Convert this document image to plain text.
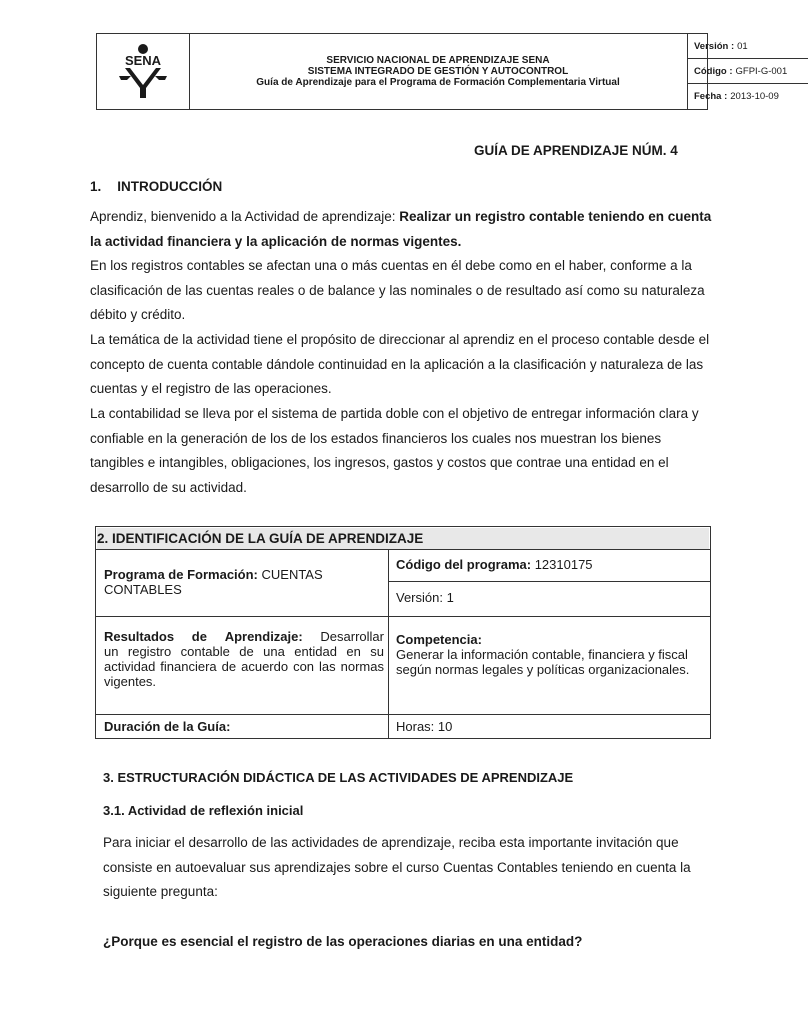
SENA	SERVICIO NACIONAL DE APRENDIZAJE SENA
SISTEMA INTEGRADO DE GESTIÓN Y AUTOCONTROL
Guía de Aprendizaje para el Programa de Formación Complementaria Virtual
Versión : 01
Código : GFPI-G-001
Fecha : 2013-10-09
GUÍA DE APRENDIZAJE NÚM. 4
1. INTRODUCCIÓN
Aprendiz, bienvenido a la Actividad de aprendizaje: Realizar un registro contable teniendo en cuenta
la actividad financiera y la aplicación de normas vigentes.
En los registros contables se afectan una o más cuentas en él debe como en el haber, conforme a la clasificación de las cuentas reales o de balance y las nominales o de resultado así como su naturaleza débito y crédito.
La temática de la actividad tiene el propósito de direccionar al aprendiz en el proceso contable desde el concepto de cuenta contable dándole continuidad en la aplicación a la clasificación y naturaleza de las cuentas y el registro de las operaciones.
La contabilidad se lleva por el sistema de partida doble con el objetivo de entregar información clara y confiable en la generación de los de los estados financieros los cuales nos muestran los bienes tangibles e intangibles, obligaciones, los ingresos, gastos y costos que contrae una entidad en el desarrollo de su actividad.
2. IDENTIFICACIÓN DE LA GUÍA DE APRENDIZAJE
Programa de Formación: CUENTAS
CONTABLES
Código del programa: 12310175
Versión: 1
Resultados de Aprendizaje: Desarrollar
un registro contable de una entidad en su actividad financiera de acuerdo con las normas vigentes.
Competencia:
Generar la información contable, financiera y fiscal según normas legales y políticas organizacionales.
Duración de la Guía:	Horas: 10
3. ESTRUCTURACIÓN DIDÁCTICA DE LAS ACTIVIDADES DE APRENDIZAJE
3.1. Actividad de reflexión inicial
Para iniciar el desarrollo de las actividades de aprendizaje, reciba esta importante invitación que consiste en autoevaluar sus aprendizajes sobre el curso Cuentas Contables teniendo en cuenta la siguiente pregunta:
¿Porque es esencial el registro de las operaciones diarias en una entidad?
